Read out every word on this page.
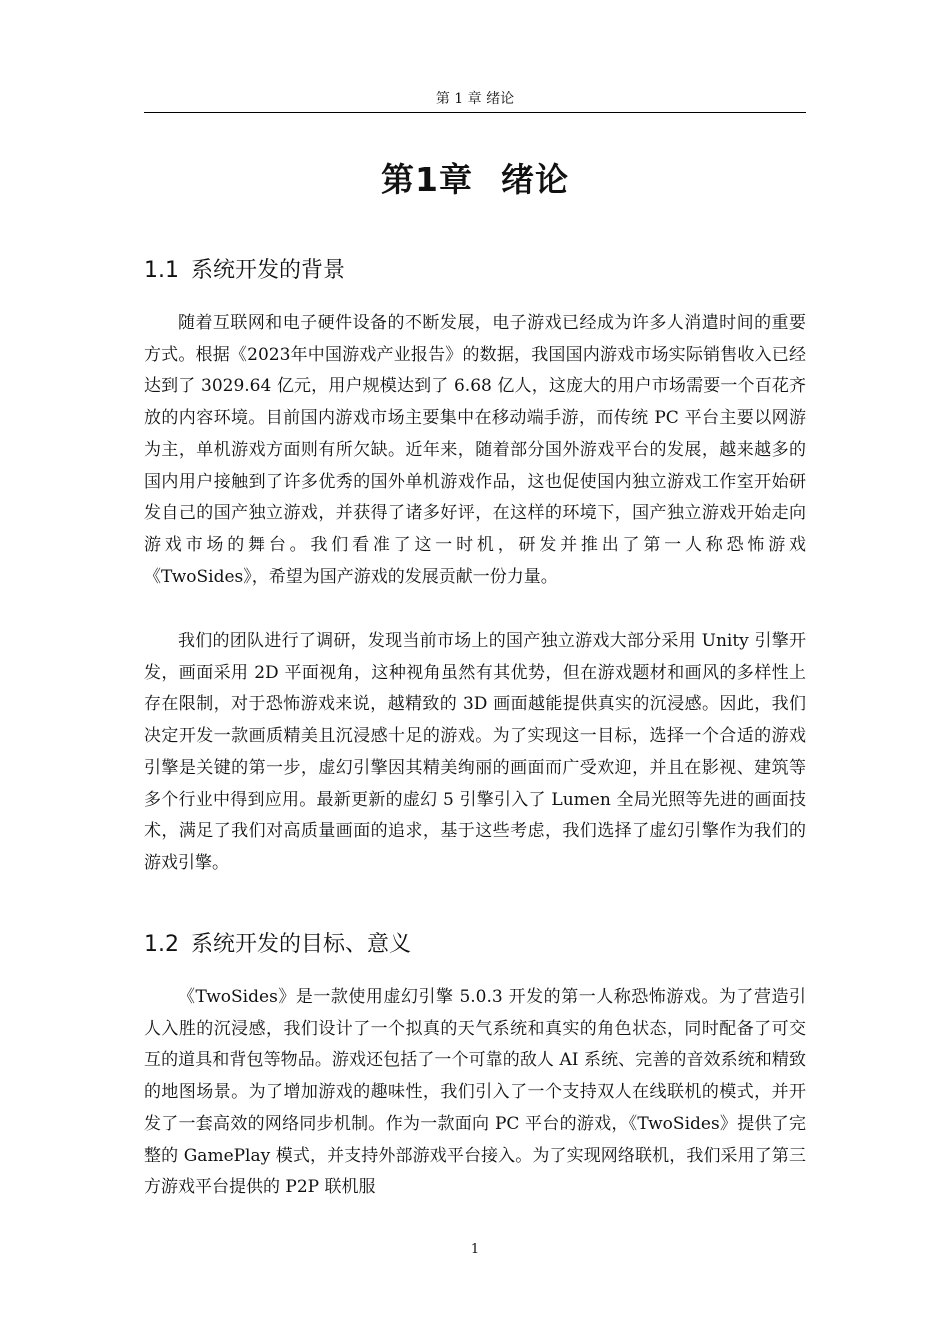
第 1 章 绪论
第1章 绪论
1.1 系统开发的背景

随着互联网和电子硬件设备的不断发展，电子游戏已经成为许多人消遣时间的重要方式。根据《2023年中国游戏产业报告》的数据，我国国内游戏市场实际销售收入已经达到了 3029.64 亿元，用户规模达到了 6.68 亿人，这庞大的用户市场需要一个百花齐放的内容环境。目前国内游戏市场主要集中在移动端手游，而传统 PC 平台主要以网游为主，单机游戏方面则有所欠缺。近年来，随着部分国外游戏平台的发展，越来越多的国内用户接触到了许多优秀的国外单机游戏作品，这也促使国内独立游戏工作室开始研发自己的国产独立游戏，并获得了诸多好评，在这样的环境下，国产独立游戏开始走向游戏市场的舞台。我们看准了这一时机，研发并推出了第一人称恐怖游戏《TwoSides》，希望为国产游戏的发展贡献一份力量。

我们的团队进行了调研，发现当前市场上的国产独立游戏大部分采用 Unity 引擎开发，画面采用 2D 平面视角，这种视角虽然有其优势，但在游戏题材和画风的多样性上存在限制，对于恐怖游戏来说，越精致的 3D 画面越能提供真实的沉浸感。因此，我们决定开发一款画质精美且沉浸感十足的游戏。为了实现这一目标，选择一个合适的游戏引擎是关键的第一步，虚幻引擎因其精美绚丽的画面而广受欢迎，并且在影视、建筑等多个行业中得到应用。最新更新的虚幻 5 引擎引入了 Lumen 全局光照等先进的画面技术，满足了我们对高质量画面的追求，基于这些考虑，我们选择了虚幻引擎作为我们的游戏引擎。

1.2 系统开发的目标、意义

《TwoSides》是一款使用虚幻引擎 5.0.3 开发的第一人称恐怖游戏。为了营造引人入胜的沉浸感，我们设计了一个拟真的天气系统和真实的角色状态，同时配备了可交互的道具和背包等物品。游戏还包括了一个可靠的敌人 AI 系统、完善的音效系统和精致的地图场景。为了增加游戏的趣味性，我们引入了一个支持双人在线联机的模式，并开发了一套高效的网络同步机制。作为一款面向 PC 平台的游戏，《TwoSides》提供了完整的 GamePlay 模式，并支持外部游戏平台接入。为了实现网络联机，我们采用了第三方游戏平台提供的 P2P 联机服

1
